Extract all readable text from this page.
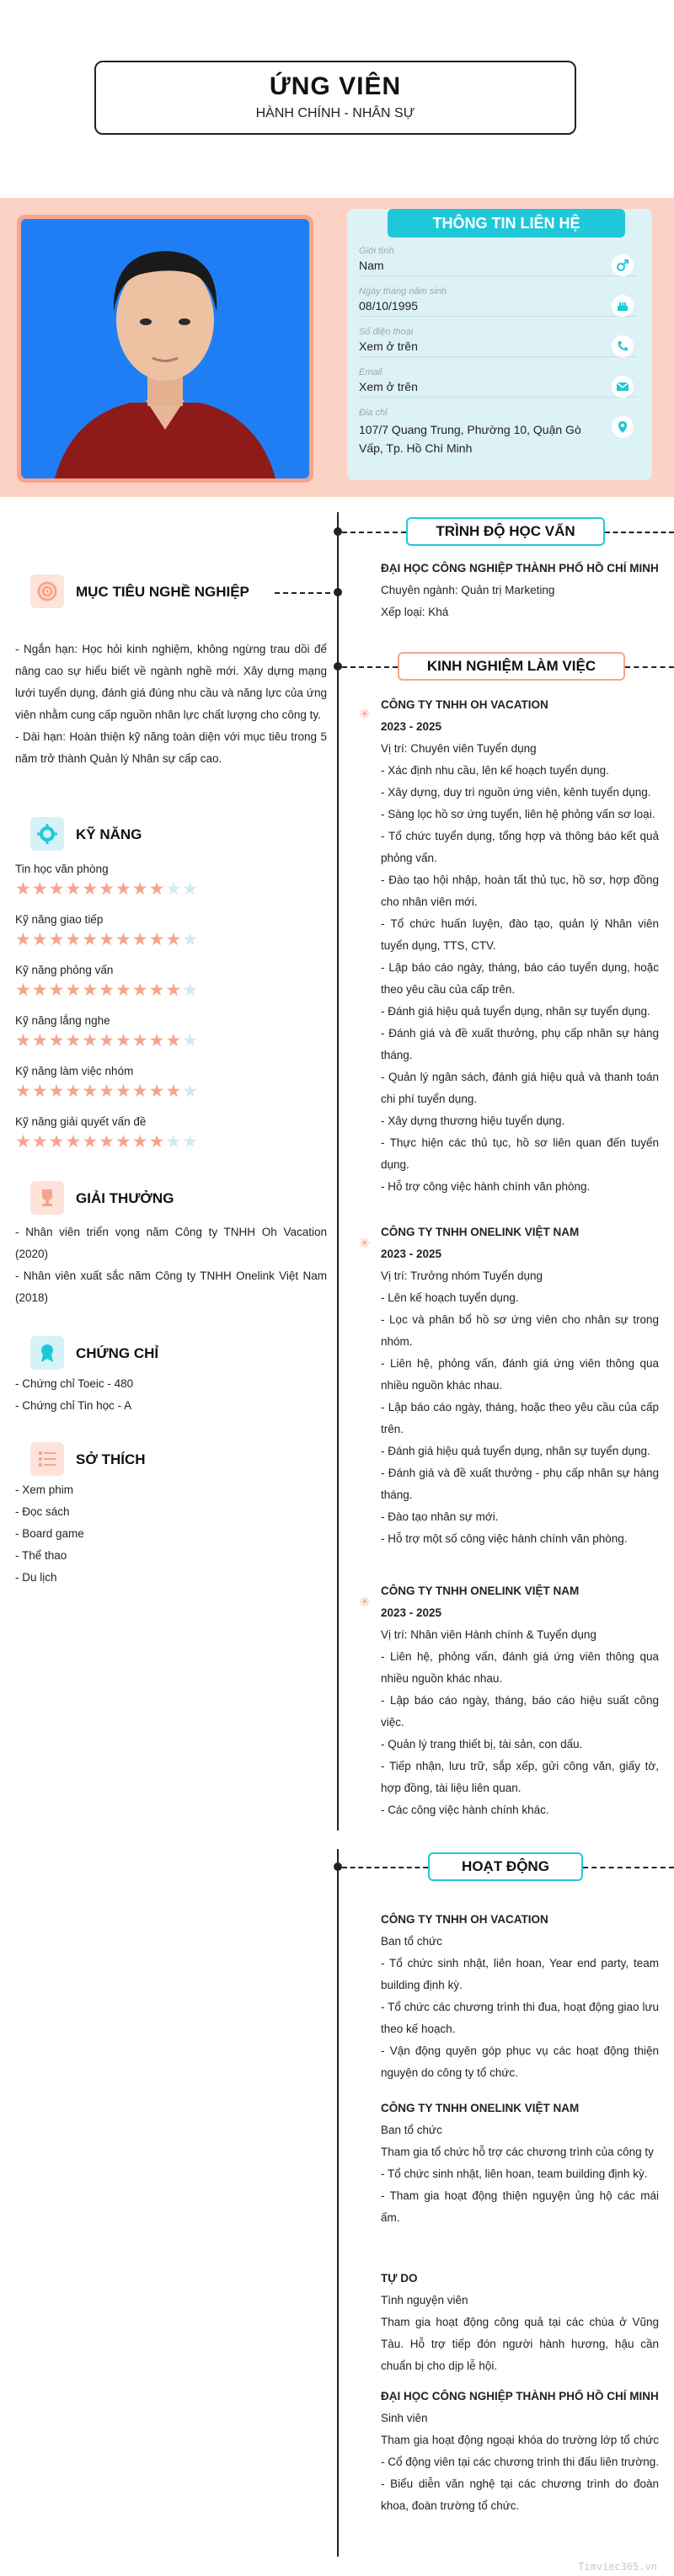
ỨNG VIÊN
HÀNH CHÍNH - NHÂN SỰ
THÔNG TIN LIÊN HỆ
Giới tính
Nam
Ngày tháng năm sinh
08/10/1995
Số điện thoại
Xem ở trên
Email
Xem ở trên
Địa chỉ
107/7 Quang Trung, Phường 10, Quận Gò Vấp, Tp. Hồ Chí Minh
TRÌNH ĐỘ HỌC VẤN
ĐẠI HỌC CÔNG NGHIỆP THÀNH PHỐ HỒ CHÍ MINH
Chuyên ngành: Quản trị Marketing
Xếp loại: Khá
MỤC TIÊU NGHỀ NGHIỆP

- Ngắn hạn: Học hỏi kinh nghiệm, không ngừng trau dồi để nâng cao sự hiểu biết về ngành nghề mới. Xây dựng mạng lưới tuyển dụng, đánh giá đúng nhu cầu và năng lực của ứng viên nhằm cung cấp nguồn nhân lực chất lượng cho công ty.

- Dài hạn: Hoàn thiện kỹ năng toàn diện với mục tiêu trong 5 năm trở thành Quản lý Nhân sự cấp cao.

KINH NGHIỆM LÀM VIỆC
✳
CÔNG TY TNHH OH VACATION
2023 - 2025
Vị trí: Chuyên viên Tuyển dụng

- Xác định nhu cầu, lên kế hoạch tuyển dụng.

- Xây dựng, duy trì nguồn ứng viên, kênh tuyển dụng.

- Sàng lọc hồ sơ ứng tuyển, liên hệ phỏng vấn sơ loại.

- Tổ chức tuyển dụng, tổng hợp và thông báo kết quả phỏng vấn.

- Đào tạo hội nhập, hoàn tất thủ tục, hồ sơ, hợp đồng cho nhân viên mới.

- Tổ chức huấn luyện, đào tạo, quản lý Nhân viên tuyển dụng, TTS, CTV.

- Lập báo cáo ngày, tháng, báo cáo tuyển dụng, hoặc theo yêu cầu của cấp trên.

- Đánh giá hiệu quả tuyển dụng, nhân sự tuyển dụng.

- Đánh giá và đề xuất thưởng, phụ cấp nhân sự hàng tháng.

- Quản lý ngân sách, đánh giá hiệu quả và thanh toán chi phí tuyển dụng.

- Xây dựng thương hiệu tuyển dụng.

- Thực hiện các thủ tục, hồ sơ liên quan đến tuyển dụng.

- Hỗ trợ công việc hành chính văn phòng.

✳
CÔNG TY TNHH ONELINK VIỆT NAM
2023 - 2025
Vị trí: Trưởng nhóm Tuyển dụng

- Lên kế hoạch tuyển dụng.

- Lọc và phân bổ hồ sơ ứng viên cho nhân sự trong nhóm.

- Liên hệ, phỏng vấn, đánh giá ứng viên thông qua nhiều nguồn khác nhau.

- Lập báo cáo ngày, tháng, hoặc theo yêu cầu của cấp trên.

- Đánh giá hiệu quả tuyển dụng, nhân sự tuyển dụng.

- Đánh giá và đề xuất thưởng - phụ cấp nhân sự hàng tháng.

- Đào tạo nhân sự mới.

- Hỗ trợ một số công việc hành chính văn phòng.

✳
CÔNG TY TNHH ONELINK VIỆT NAM
2023 - 2025
Vị trí: Nhân viên Hành chính & Tuyển dụng

- Liên hệ, phỏng vấn, đánh giá ứng viên thông qua nhiều nguồn khác nhau.

- Lập báo cáo ngày, tháng, báo cáo hiệu suất công việc.

- Quản lý trang thiết bị, tài sản, con dấu.

- Tiếp nhận, lưu trữ, sắp xếp, gửi công văn, giấy tờ, hợp đồng, tài liệu liên quan.

- Các công việc hành chính khác.

KỸ NĂNG
Tin học văn phòng
★★★★★★★★★★★
Kỹ năng giao tiếp
★★★★★★★★★★★
Kỹ năng phỏng vấn
★★★★★★★★★★★
Kỹ năng lắng nghe
★★★★★★★★★★★
Kỹ năng làm việc nhóm
★★★★★★★★★★★
Kỹ năng giải quyết vấn đề
★★★★★★★★★★★
GIẢI THƯỞNG

- Nhân viên triển vọng năm Công ty TNHH Oh Vacation (2020)

- Nhân viên xuất sắc năm Công ty TNHH Onelink Việt Nam (2018)

CHỨNG CHỈ

- Chứng chỉ Toeic - 480

- Chứng chỉ Tin học - A

SỞ THÍCH

- Xem phim

- Đọc sách

- Board game

- Thể thao

- Du lịch

HOẠT ĐỘNG
CÔNG TY TNHH OH VACATION
Ban tổ chức

- Tổ chức sinh nhật, liên hoan, Year end party, team building định kỳ.

- Tổ chức các chương trình thi đua, hoạt động giao lưu theo kế hoạch.

- Vận động quyên góp phục vụ các hoạt động thiện nguyện do công ty tổ chức.

CÔNG TY TNHH ONELINK VIỆT NAM
Ban tổ chức

Tham gia tổ chức hỗ trợ các chương trình của công ty

- Tổ chức sinh nhật, liên hoan, team building định kỳ.

- Tham gia hoạt động thiện nguyện ủng hộ các mái ấm.

TỰ DO
Tình nguyện viên

Tham gia hoạt động công quả tại các chùa ở Vũng Tàu. Hỗ trợ tiếp đón người hành hương, hậu cần chuẩn bị cho dịp lễ hội.

ĐẠI HỌC CÔNG NGHIỆP THÀNH PHỐ HỒ CHÍ MINH
Sinh viên

Tham gia hoạt động ngoại khóa do trường lớp tổ chức - Cổ động viên tại các chương trình thi đấu liên trường. - Biểu diễn văn nghệ tại các chương trình do đoàn khoa, đoàn trường tổ chức.

Timviec365.vn
